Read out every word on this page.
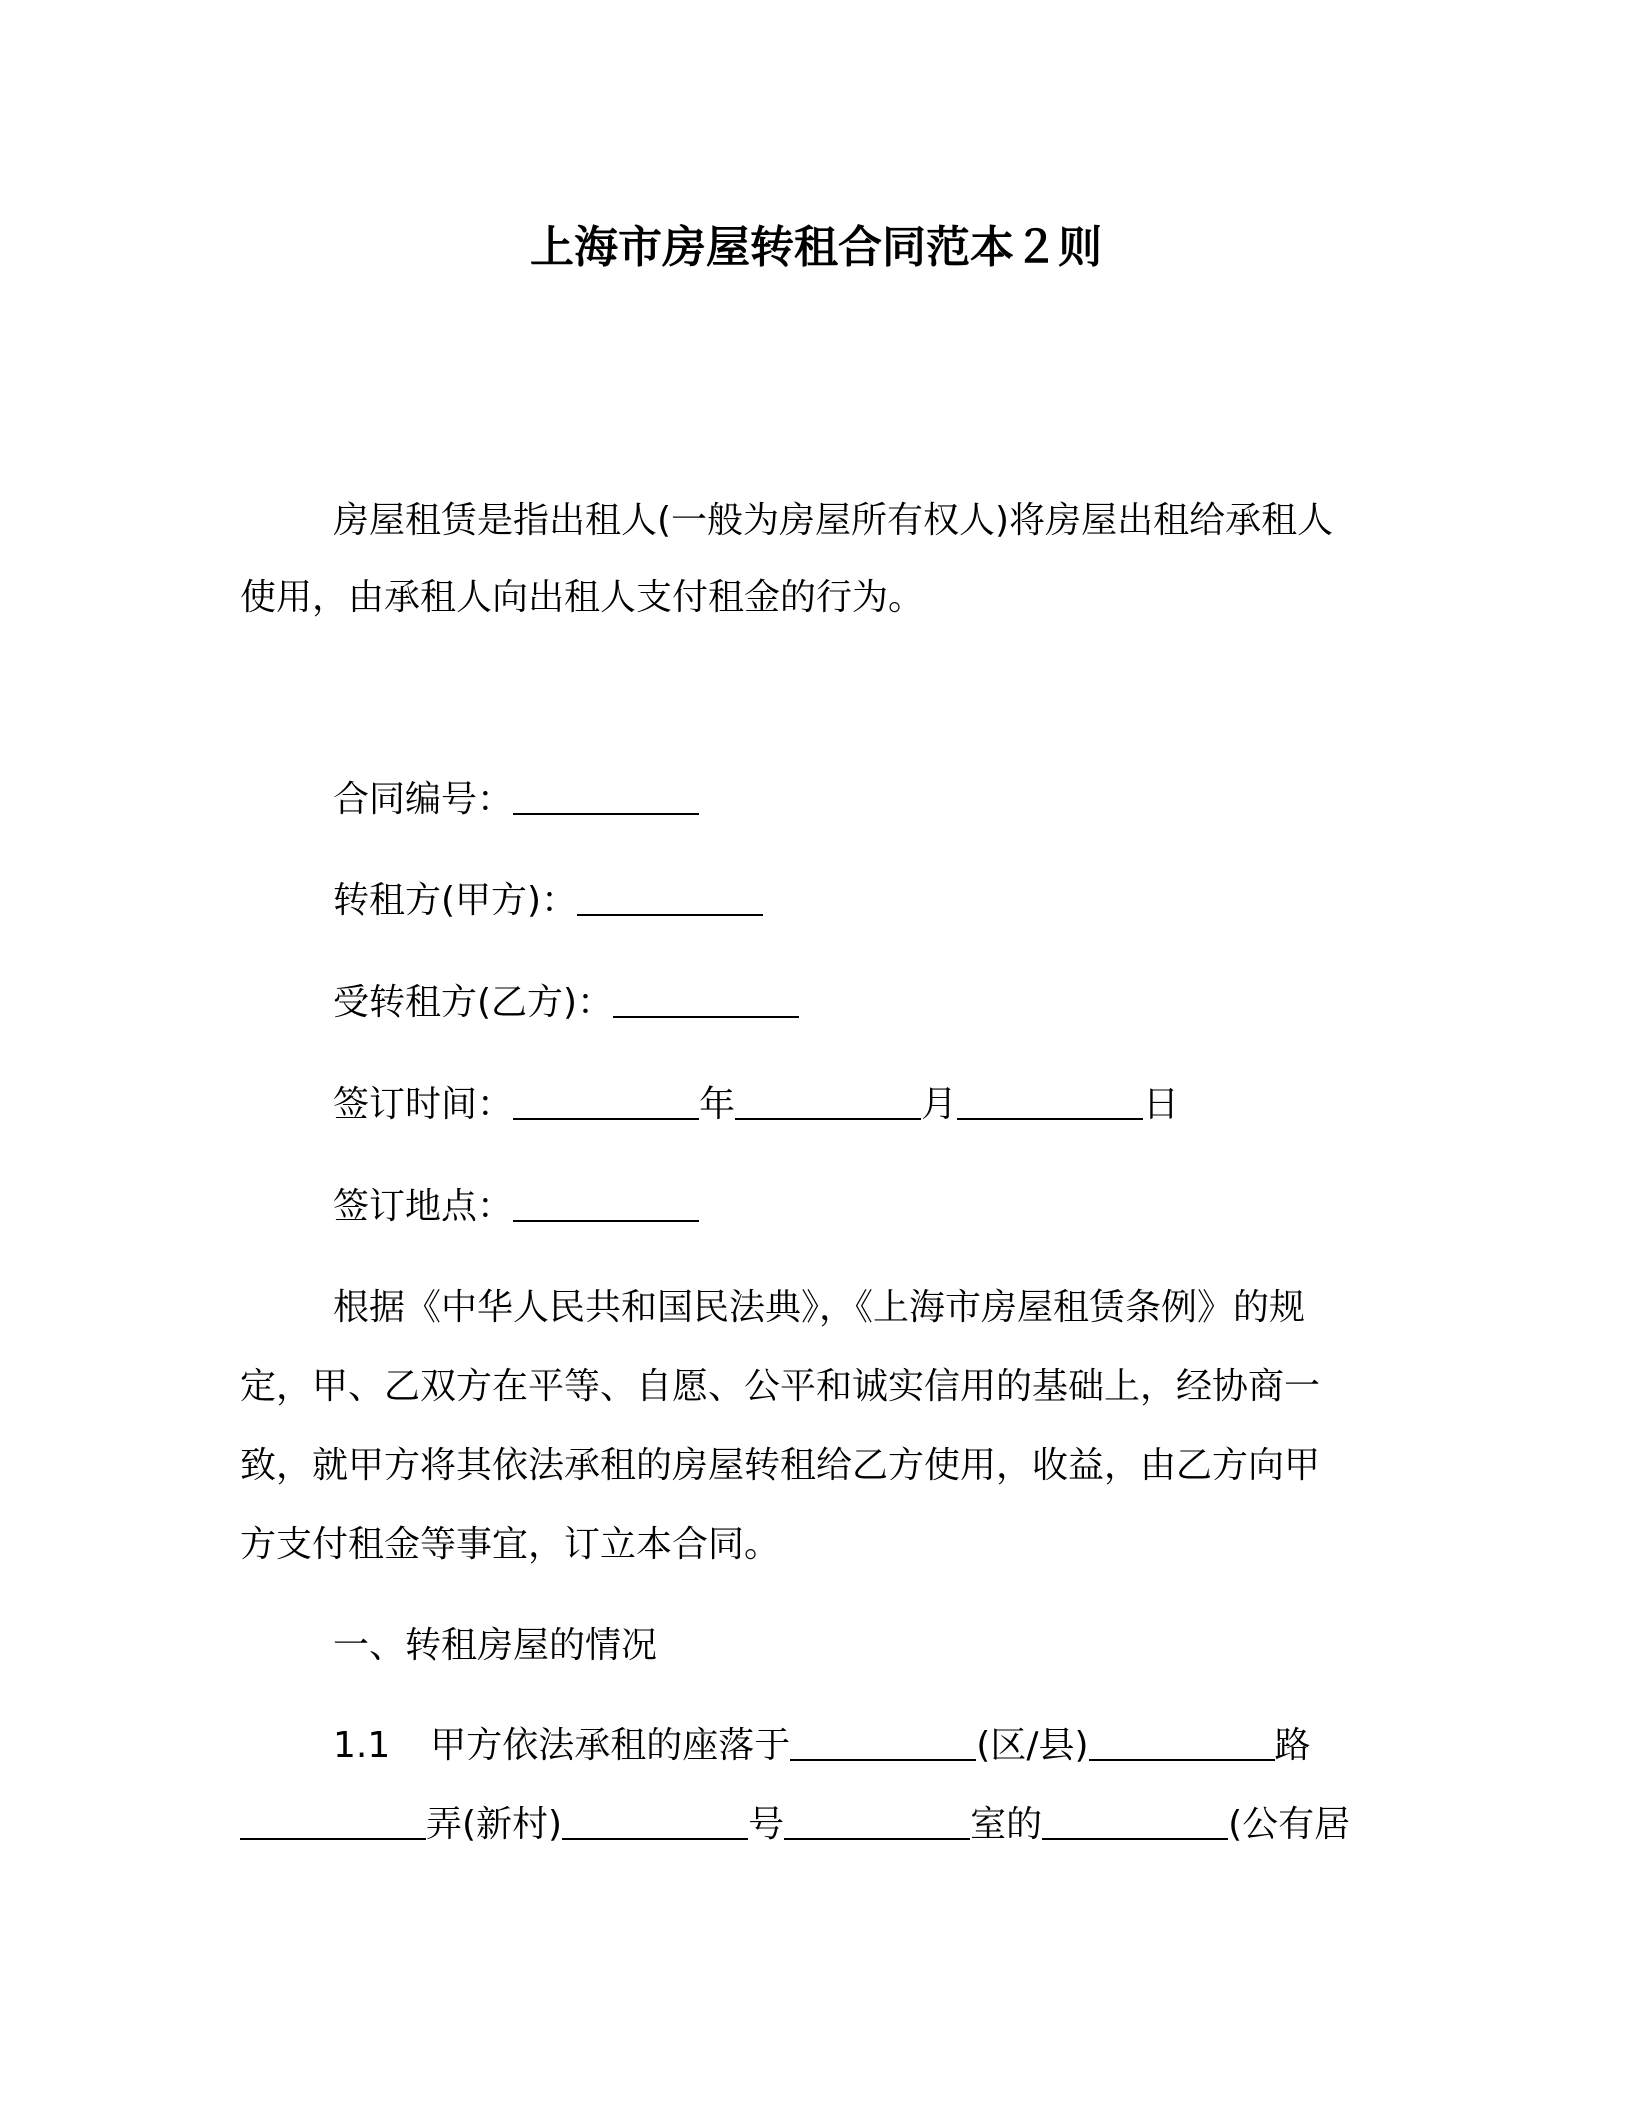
上海市房屋转租合同范本２则
房屋租赁是指出租人(一般为房屋所有权人)将房屋出租给承租人
使用，由承租人向出租人支付租金的行为。
合同编号：
转租方(甲方)：
受转租方(乙方)：
签订时间：	年	月	日
签订地点：
根据《中华人民共和国民法典》，《上海市房屋租赁条例》的规
定，甲、乙双方在平等、自愿、公平和诚实信用的基础上，经协商一
致，就甲方将其依法承租的房屋转租给乙方使用，收益，由乙方向甲
方支付租金等事宜，订立本合同。
一、转租房屋的情况
1.1 甲方依法承租的座落于	(区/县)	路
弄(新村)	号	室的	(公有居
